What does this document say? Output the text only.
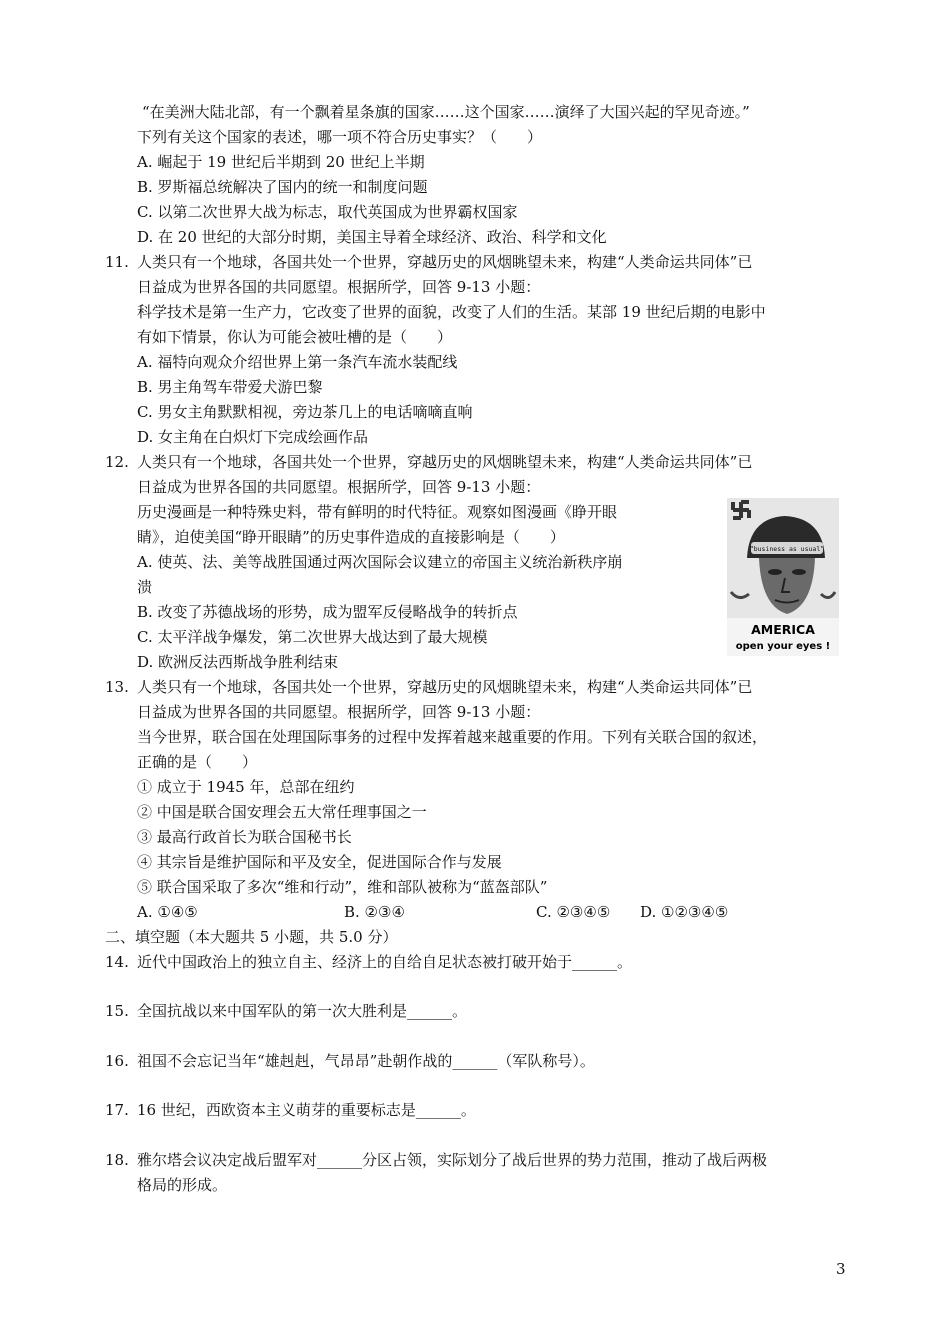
“在美洲大陆北部，有一个飘着星条旗的国家……这个国家……演绎了大国兴起的罕见奇迹。”
下列有关这个国家的表述，哪一项不符合历史事实？（　　）
A. 崛起于 19 世纪后半期到 20 世纪上半期
B. 罗斯福总统解决了国内的统一和制度问题
C. 以第二次世界大战为标志，取代英国成为世界霸权国家
D. 在 20 世纪的大部分时期，美国主导着全球经济、政治、科学和文化
11. 人类只有一个地球，各国共处一个世界，穿越历史的风烟眺望未来，构建“人类命运共同体”已
日益成为世界各国的共同愿望。根据所学，回答 9-13 小题：
科学技术是第一生产力，它改变了世界的面貌，改变了人们的生活。某部 19 世纪后期的电影中
有如下情景，你认为可能会被吐槽的是（　　）
A. 福特向观众介绍世界上第一条汽车流水装配线
B. 男主角驾车带爱犬游巴黎
C. 男女主角默默相视，旁边茶几上的电话嘀嘀直响
D. 女主角在白炽灯下完成绘画作品
12. 人类只有一个地球，各国共处一个世界，穿越历史的风烟眺望未来，构建“人类命运共同体”已
日益成为世界各国的共同愿望。根据所学，回答 9-13 小题：
历史漫画是一种特殊史料，带有鲜明的时代特征。观察如图漫画《睁开眼
睛》，迫使美国“睁开眼睛”的历史事件造成的直接影响是（　　）
A. 使英、法、美等战胜国通过两次国际会议建立的帝国主义统治新秩序崩
溃
B. 改变了苏德战场的形势，成为盟军反侵略战争的转折点
C. 太平洋战争爆发，第二次世界大战达到了最大规模
D. 欧洲反法西斯战争胜利结束
“business as usual”
AMERICA
open your eyes !
13. 人类只有一个地球，各国共处一个世界，穿越历史的风烟眺望未来，构建“人类命运共同体”已
日益成为世界各国的共同愿望。根据所学，回答 9-13 小题：
当今世界，联合国在处理国际事务的过程中发挥着越来越重要的作用。下列有关联合国的叙述，
正确的是（　　）
① 成立于 1945 年，总部在纽约
② 中国是联合国安理会五大常任理事国之一
③ 最高行政首长为联合国秘书长
④ 其宗旨是维护国际和平及安全，促进国际合作与发展
⑤ 联合国采取了多次“维和行动”，维和部队被称为“蓝盔部队”
A. ①④⑤	B. ②③④	C. ②③④⑤ D. ①②③④⑤
二、填空题（本大题共 5 小题，共 5.0 分）
14. 近代中国政治上的独立自主、经济上的自给自足状态被打破开始于______。
15. 全国抗战以来中国军队的第一次大胜利是______。
16. 祖国不会忘记当年“雄赳赳，气昂昂”赴朝作战的______（军队称号）。
17. 16 世纪，西欧资本主义萌芽的重要标志是______。
18. 雅尔塔会议决定战后盟军对______分区占领，实际划分了战后世界的势力范围，推动了战后两极
格局的形成。
3
